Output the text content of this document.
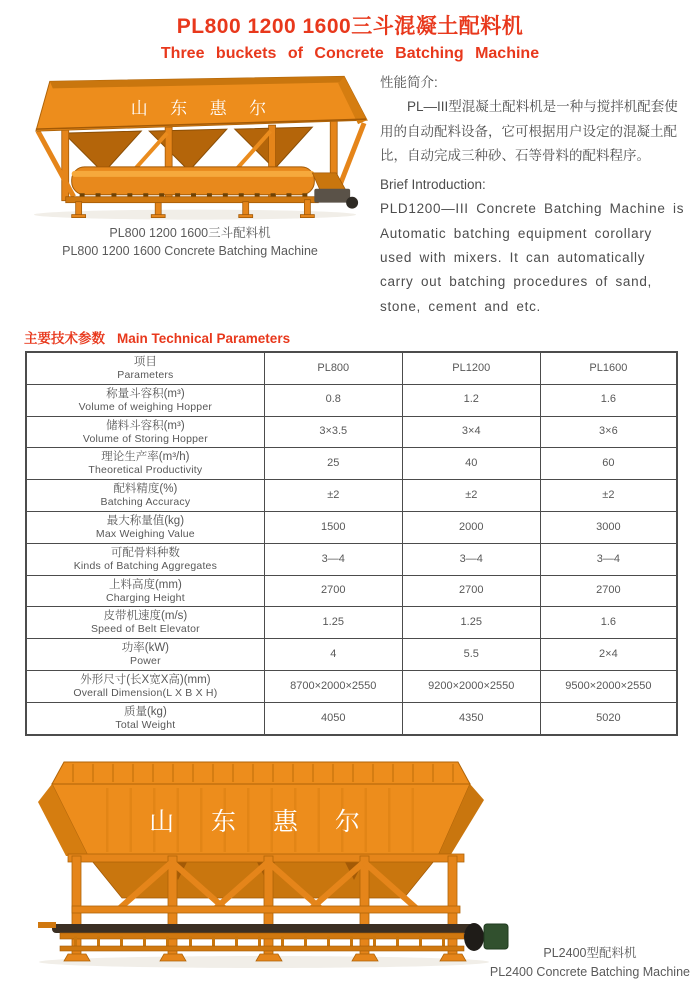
PL800 1200 1600三斗混凝土配料机
Three buckets of Concrete Batching Machine
山 东 惠 尔
PL800 1200 1600三斗配料机
PL800 1200 1600 Concrete Batching Machine
性能简介:
PL—III型混凝土配料机是一种与搅拌机配套使用的自动配料设备，它可根据用户设定的混凝土配比，自动完成三种砂、石等骨料的配料程序。
Brief Introduction:
PLD1200—III Concrete Batching Machine is Automatic batching equipment corollary used with mixers. It can automatically carry out batching procedures of sand, stone, cement and etc.
主要技术参数 Main Technical Parameters
项目
Parameters	PL800	PL1200	PL1600

称量斗容积(m³)
Volume of weighing Hopper	0.8	1.2	1.6

储料斗容积(m³)
Volume of Storing Hopper	3×3.5	3×4	3×6

理论生产率(m³/h)
Theoretical Productivity	25	40	60

配料精度(%)
Batching Accuracy	±2	±2	±2

最大称量值(kg)
Max Weighing Value	1500	2000	3000

可配骨料种数
Kinds of Batching Aggregates	3—4	3—4	3—4

上料高度(mm)
Charging Height	2700	2700	2700

皮带机速度(m/s)
Speed of Belt Elevator	1.25	1.25	1.6

功率(kW)
Power	4	5.5	2×4

外形尺寸(长X宽X高)(mm)
Overall Dimension(L X B X H)	8700×2000×2550	9200×2000×2550	9500×2000×2550

质量(kg)
Total Weight	4050	4350	5020
山 东 惠 尔
PL2400型配料机
PL2400 Concrete Batching Machine
